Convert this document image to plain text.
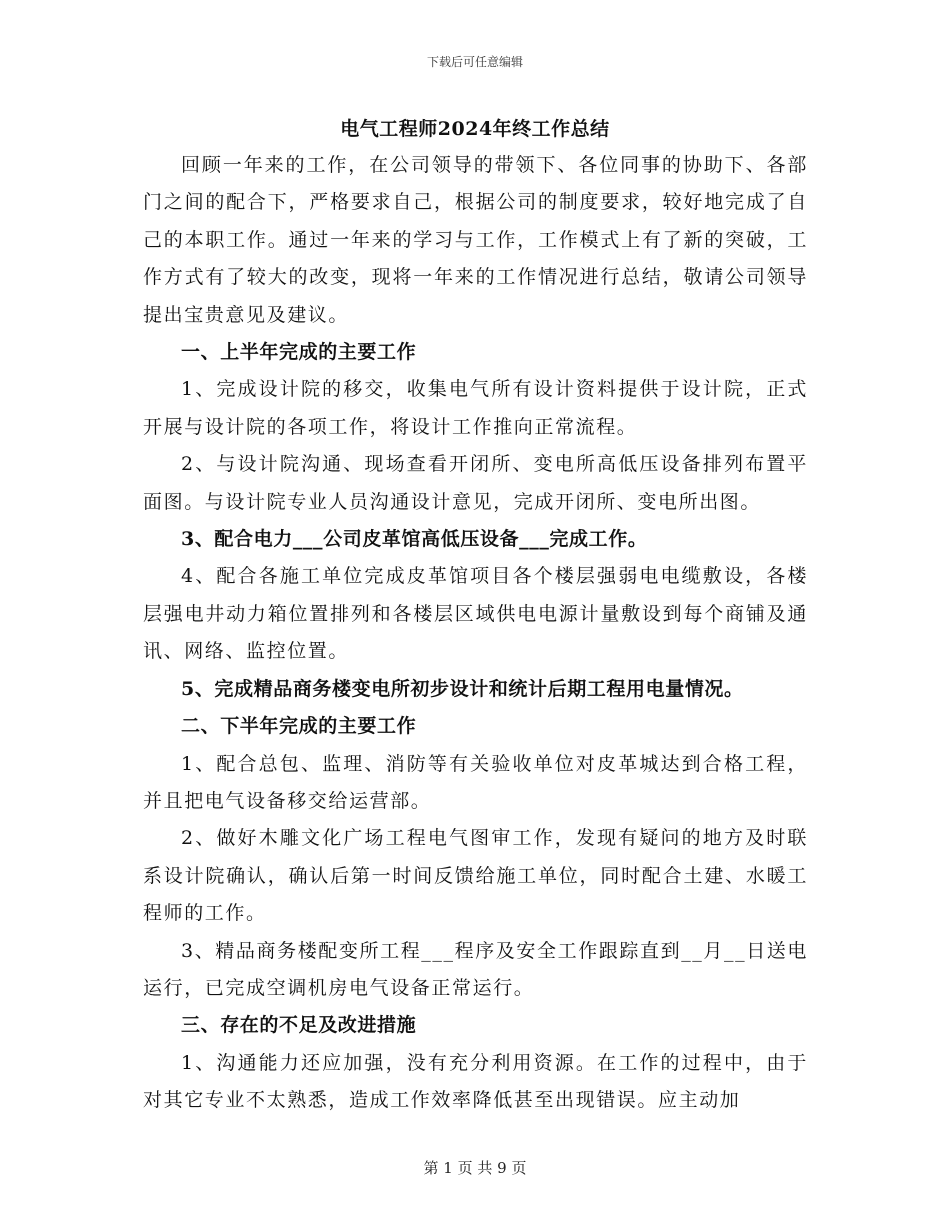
下载后可任意编辑
电气工程师2024年终工作总结

回顾一年来的工作，在公司领导的带领下、各位同事的协助下、各部门之间的配合下，严格要求自己，根据公司的制度要求，较好地完成了自己的本职工作。通过一年来的学习与工作，工作模式上有了新的突破，工作方式有了较大的改变，现将一年来的工作情况进行总结，敬请公司领导提出宝贵意见及建议。

一、上半年完成的主要工作

1、完成设计院的移交，收集电气所有设计资料提供于设计院，正式开展与设计院的各项工作，将设计工作推向正常流程。

2、与设计院沟通、现场查看开闭所、变电所高低压设备排列布置平面图。与设计院专业人员沟通设计意见，完成开闭所、变电所出图。

3、配合电力___公司皮革馆高低压设备___完成工作。

4、配合各施工单位完成皮革馆项目各个楼层强弱电电缆敷设，各楼层强电井动力箱位置排列和各楼层区域供电电源计量敷设到每个商铺及通讯、网络、监控位置。

5、完成精品商务楼变电所初步设计和统计后期工程用电量情况。

二、下半年完成的主要工作

1、配合总包、监理、消防等有关验收单位对皮革城达到合格工程，并且把电气设备移交给运营部。

2、做好木雕文化广场工程电气图审工作，发现有疑问的地方及时联系设计院确认，确认后第一时间反馈给施工单位，同时配合土建、水暖工程师的工作。

3、精品商务楼配变所工程___程序及安全工作跟踪直到__月__日送电运行，已完成空调机房电气设备正常运行。

三、存在的不足及改进措施

1、沟通能力还应加强，没有充分利用资源。在工作的过程中，由于对其它专业不太熟悉，造成工作效率降低甚至出现错误。应主动加

第 1 页 共 9 页
